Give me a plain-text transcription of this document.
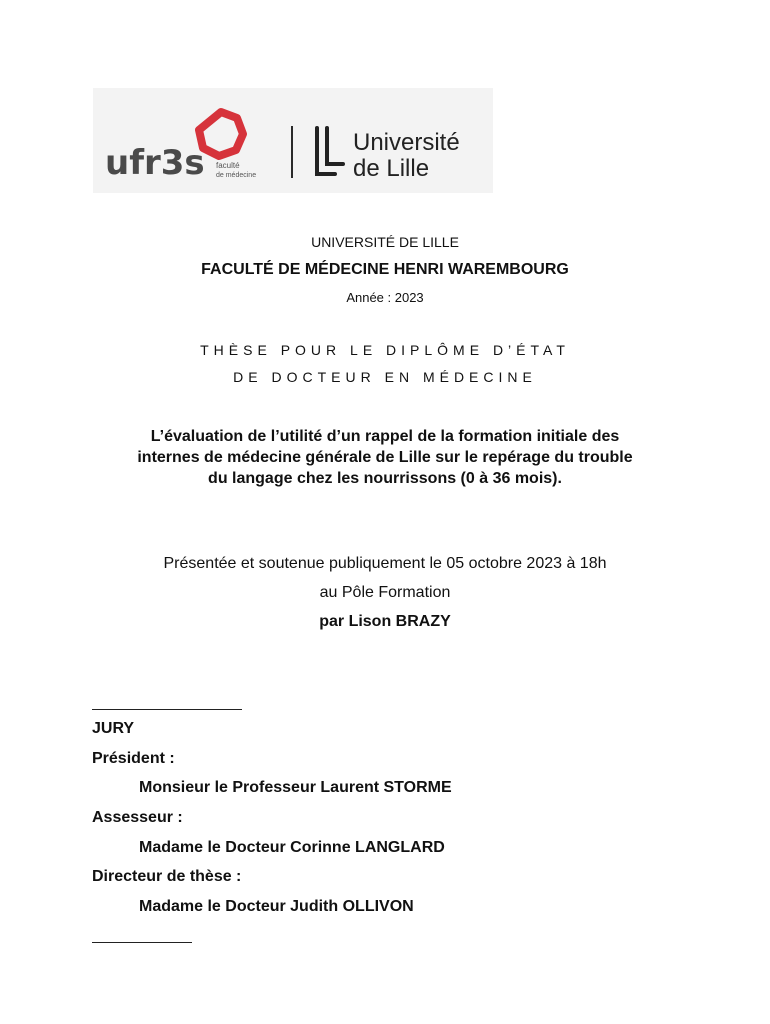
ufr3s faculté
de médecine
Université
de Lille
UNIVERSITÉ DE LILLE
FACULTÉ DE MÉDECINE HENRI WAREMBOURG
Année : 2023
THÈSE POUR LE DIPLÔME D’ÉTAT
DE DOCTEUR EN MÉDECINE
L’évaluation de l’utilité d’un rappel de la formation initiale des
internes de médecine générale de Lille sur le repérage du trouble
du langage chez les nourrissons (0 à 36 mois).
Présentée et soutenue publiquement le 05 octobre 2023 à 18h
au Pôle Formation
par Lison BRAZY
JURY
Président :
Monsieur le Professeur Laurent STORME
Assesseur :
Madame le Docteur Corinne LANGLARD
Directeur de thèse :
Madame le Docteur Judith OLLIVON
